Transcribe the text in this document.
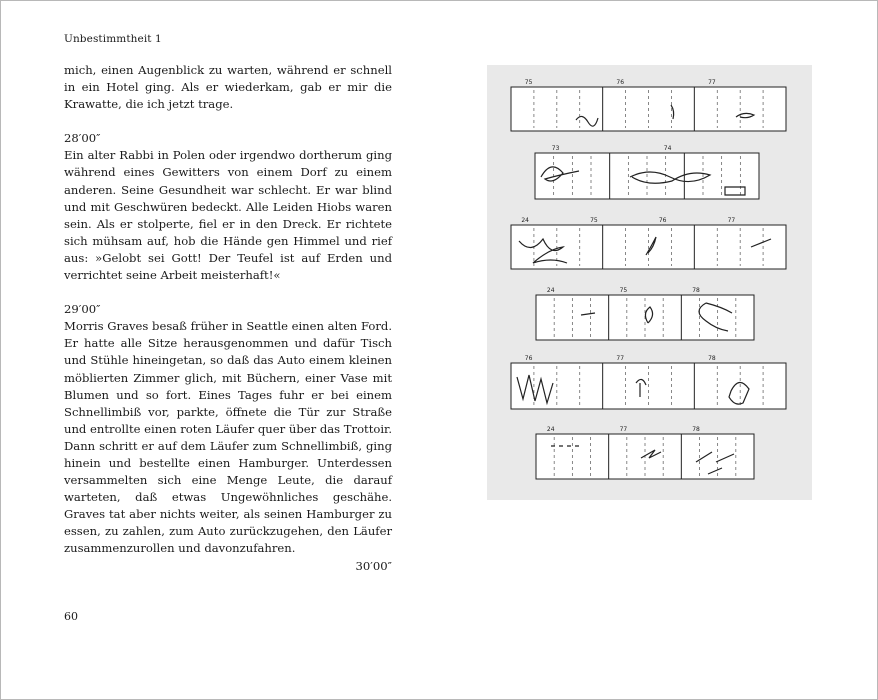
Unbestimmtheit 1

mich, einen Augenblick zu warten, während er schnell in ein Hotel ging. Als er wiederkam, gab er mir die Krawatte, die ich jetzt trage.

28′00″

Ein alter Rabbi in Polen oder irgendwo dortherum ging während eines Gewitters von einem Dorf zu einem anderen. Seine Gesundheit war schlecht. Er war blind und mit Geschwüren bedeckt. Alle Leiden Hiobs waren sein. Als er stolperte, fiel er in den Dreck. Er richtete sich mühsam auf, hob die Hände gen Himmel und rief aus: »Gelobt sei Gott! Der Teufel ist auf Erden und verrichtet seine Arbeit meisterhaft!«

29′00″

Morris Graves besaß früher in Seattle einen alten Ford. Er hatte alle Sitze herausgenommen und dafür Tisch und Stühle hineingetan, so daß das Auto einem kleinen möblierten Zimmer glich, mit Büchern, einer Vase mit Blumen und so fort. Eines Tages fuhr er bei einem Schnellimbiß vor, parkte, öffnete die Tür zur Straße und entrollte einen roten Läufer quer über das Trottoir. Dann schritt er auf dem Läufer zum Schnellimbiß, ging hinein und bestellte einen Hamburger. Unterdessen versammelten sich eine Menge Leute, die darauf warteten, daß etwas Ungewöhnliches geschähe. Graves tat aber nichts weiter, als seinen Hamburger zu essen, zu zahlen, zum Auto zurückzugehen, den Läufer zusammenzurollen und davonzufahren.

30′00″

60
75	76	77
73	74
24	75	76	77
24	75	78
76	77	78
24	77	78
